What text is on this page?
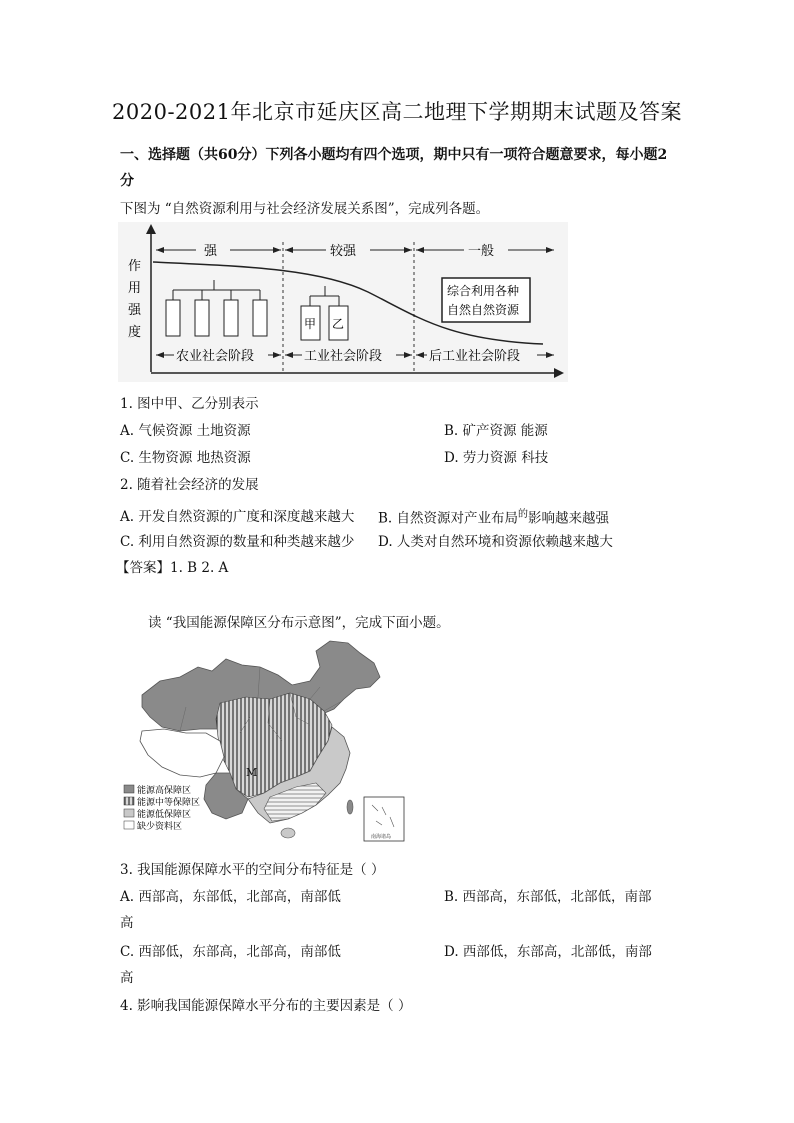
2020-2021年北京市延庆区高二地理下学期期末试题及答案
一、选择题（共60分）下列各小题均有四个选项，期中只有一项符合题意要求，每小题2
分
下图为 “自然资源利用与社会经济发展关系图”，完成列各题。
作
用
强
度
强	较强	一般
甲 乙
综合利用各种
自然自然资源
农业社会阶段	工业社会阶段	后工业社会阶段
1. 图中甲、乙分别表示
A. 气候资源 土地资源	B. 矿产资源 能源
C. 生物资源 地热资源	D. 劳力资源 科技
2. 随着社会经济的发展
A. 开发自然资源的广度和深度越来越大 B. 自然资源对产业布局$^的$影响越来越强
C. 利用自然资源的数量和种类越来越少 D. 人类对自然环境和资源依赖越来越大
【答案】1. B 2. A
读 “我国能源保障区分布示意图”，完成下面小题。
M
南海诸岛
能源高保障区
能源中等保障区
能源低保障区
缺少资料区
3. 我国能源保障水平的空间分布特征是（ ）
A. 西部高，东部低，北部高，南部低	B. 西部高，东部低，北部低，南部
高
C. 西部低，东部高，北部高，南部低	D. 西部低，东部高，北部低，南部
高
4. 影响我国能源保障水平分布的主要因素是（ ）
